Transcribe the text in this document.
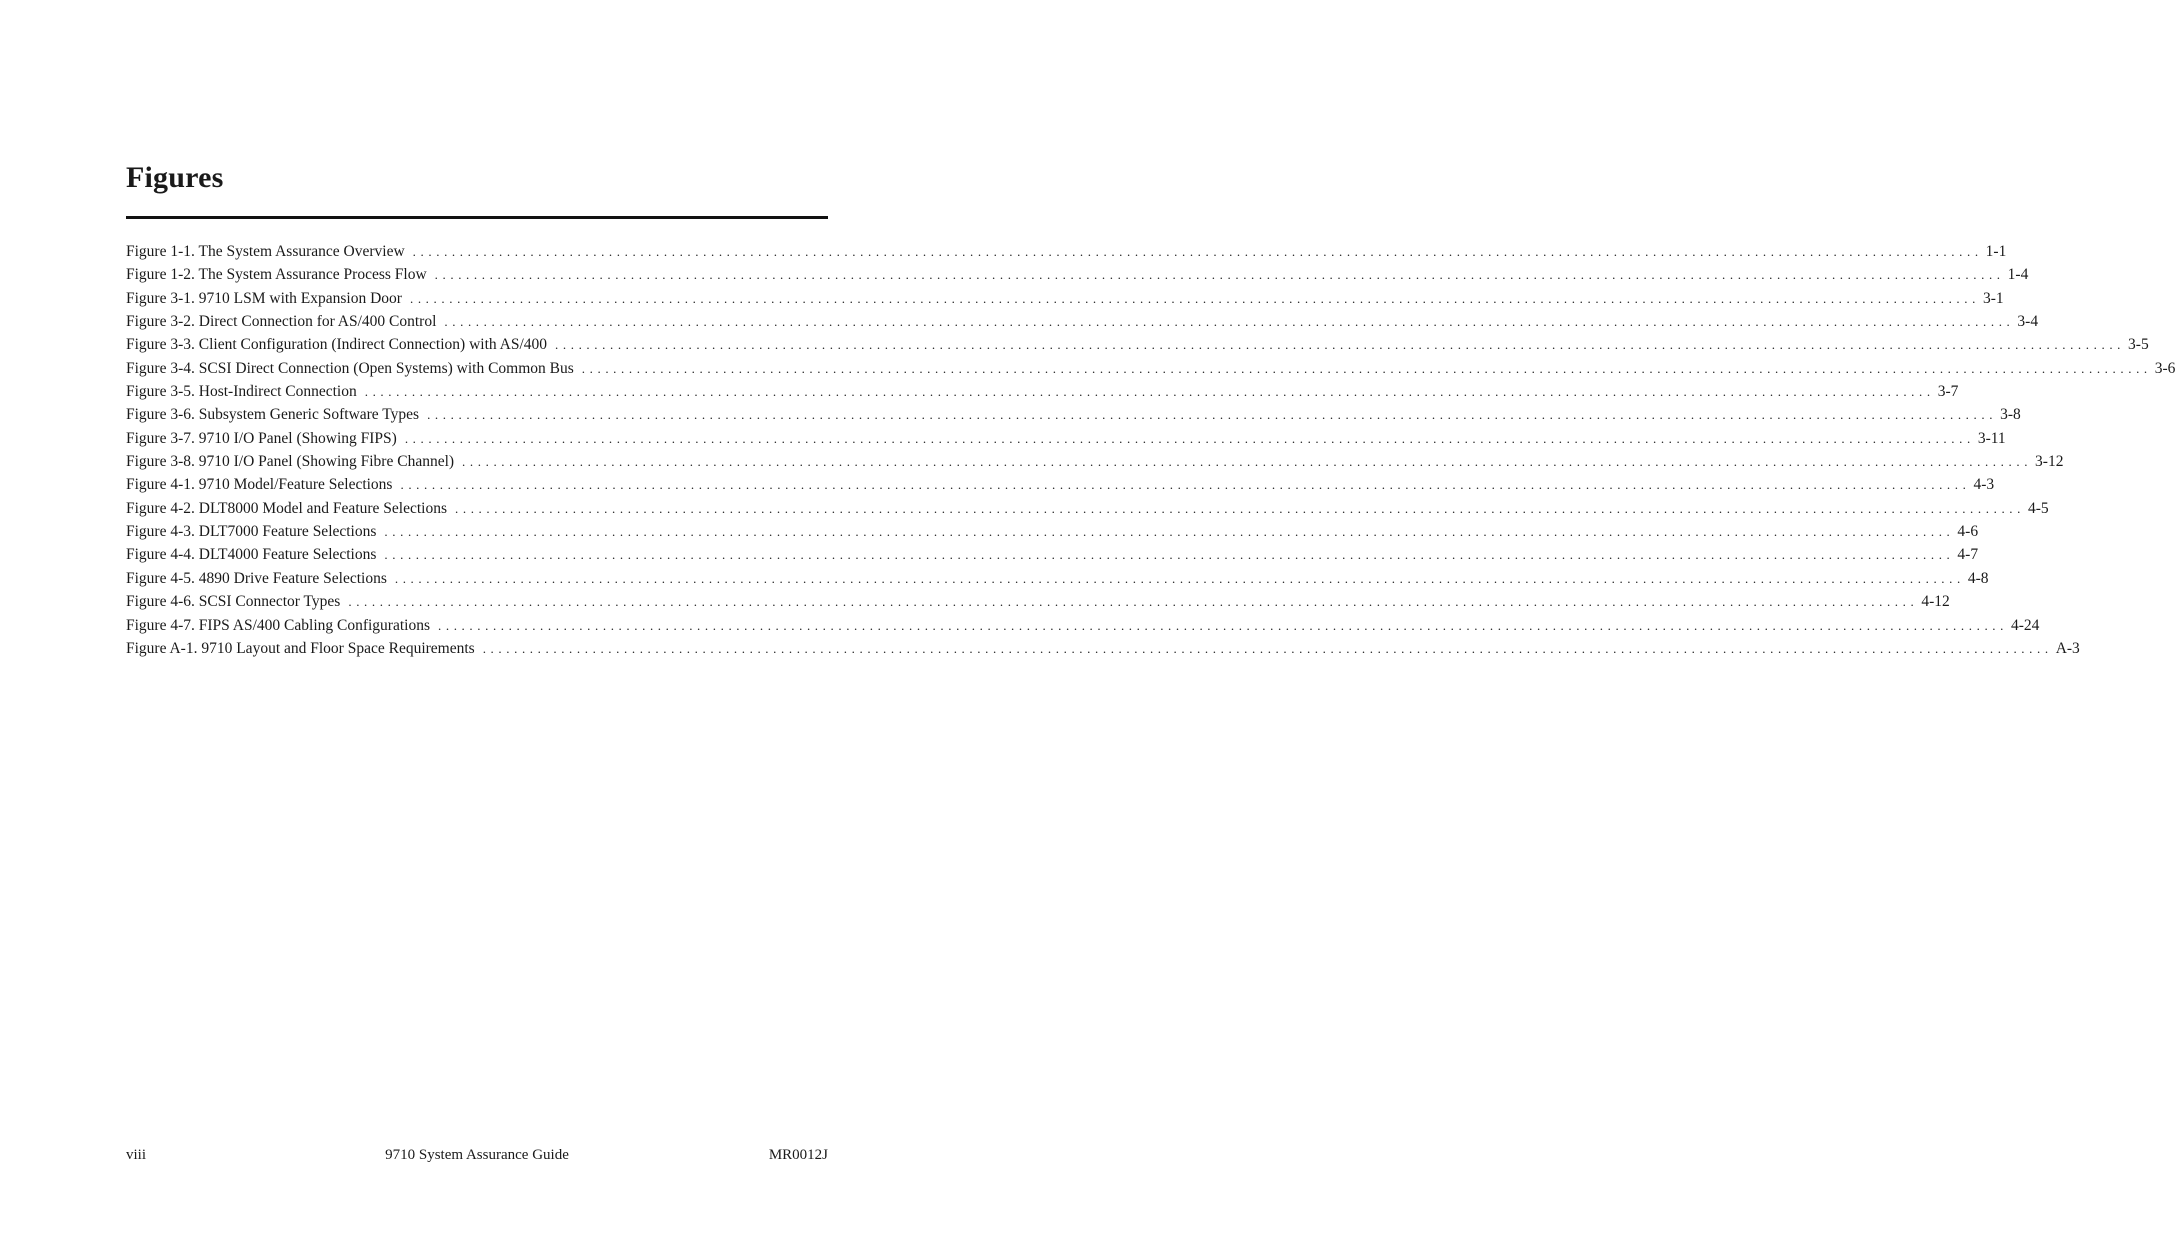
Figures
Figure 1-1. The System Assurance Overview ........................................................................................................................................................................................................ 1-1
Figure 1-2. The System Assurance Process Flow ........................................................................................................................................................................................................ 1-4
Figure 3-1. 9710 LSM with Expansion Door ........................................................................................................................................................................................................ 3-1
Figure 3-2. Direct Connection for AS/400 Control ........................................................................................................................................................................................................ 3-4
Figure 3-3. Client Configuration (Indirect Connection) with AS/400 ........................................................................................................................................................................................................ 3-5
Figure 3-4. SCSI Direct Connection (Open Systems) with Common Bus ........................................................................................................................................................................................................ 3-6
Figure 3-5. Host-Indirect Connection ........................................................................................................................................................................................................ 3-7
Figure 3-6. Subsystem Generic Software Types ........................................................................................................................................................................................................ 3-8
Figure 3-7. 9710 I/O Panel (Showing FIPS) ........................................................................................................................................................................................................ 3-11
Figure 3-8. 9710 I/O Panel (Showing Fibre Channel) ........................................................................................................................................................................................................ 3-12
Figure 4-1. 9710 Model/Feature Selections ........................................................................................................................................................................................................ 4-3
Figure 4-2. DLT8000 Model and Feature Selections ........................................................................................................................................................................................................ 4-5
Figure 4-3. DLT7000 Feature Selections ........................................................................................................................................................................................................ 4-6
Figure 4-4. DLT4000 Feature Selections ........................................................................................................................................................................................................ 4-7
Figure 4-5. 4890 Drive Feature Selections ........................................................................................................................................................................................................ 4-8
Figure 4-6. SCSI Connector Types ........................................................................................................................................................................................................ 4-12
Figure 4-7. FIPS AS/400 Cabling Configurations ........................................................................................................................................................................................................ 4-24
Figure A-1. 9710 Layout and Floor Space Requirements ........................................................................................................................................................................................................ A-3
viii	9710 System Assurance Guide	MR0012J
